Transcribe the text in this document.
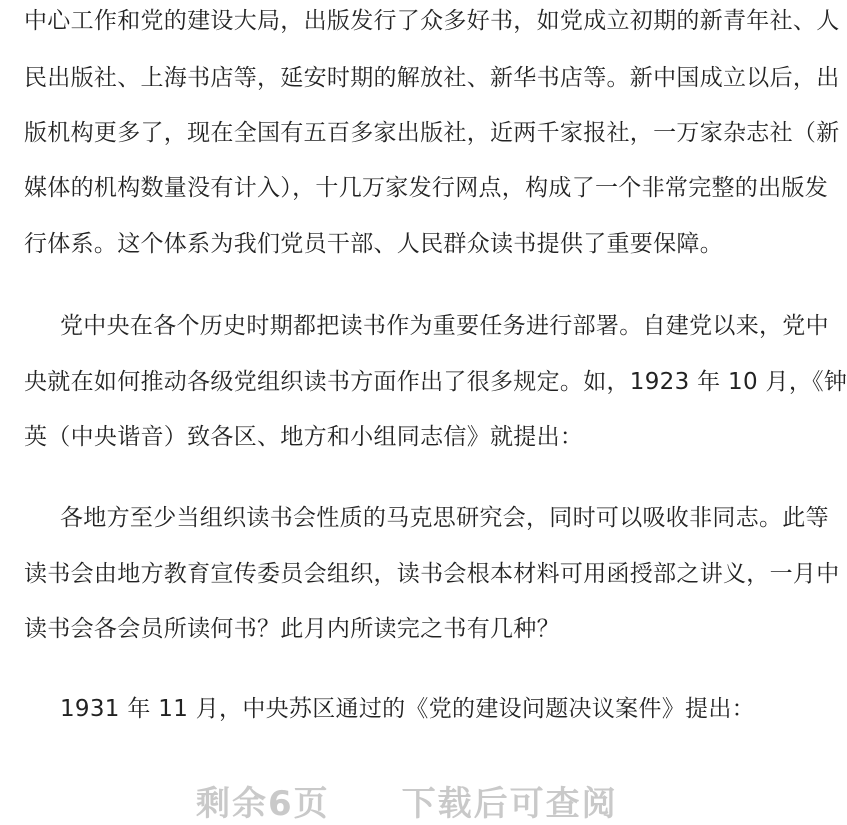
中心工作和党的建设大局，出版发行了众多好书，如党成立初期的新青年社、人
民出版社、上海书店等，延安时期的解放社、新华书店等。新中国成立以后，出
版机构更多了，现在全国有五百多家出版社，近两千家报社，一万家杂志社（新
媒体的机构数量没有计入），十几万家发行网点，构成了一个非常完整的出版发
行体系。这个体系为我们党员干部、人民群众读书提供了重要保障。
党中央在各个历史时期都把读书作为重要任务进行部署。自建党以来，党中
央就在如何推动各级党组织读书方面作出了很多规定。如，1923 年 10 月，《钟
英（中央谐音）致各区、地方和小组同志信》就提出：
各地方至少当组织读书会性质的马克思研究会，同时可以吸收非同志。此等
读书会由地方教育宣传委员会组织，读书会根本材料可用函授部之讲义，一月中
读书会各会员所读何书？此月内所读完之书有几种？
1931 年 11 月，中央苏区通过的《党的建设问题决议案件》提出：
剩余6页　　下载后可查阅
